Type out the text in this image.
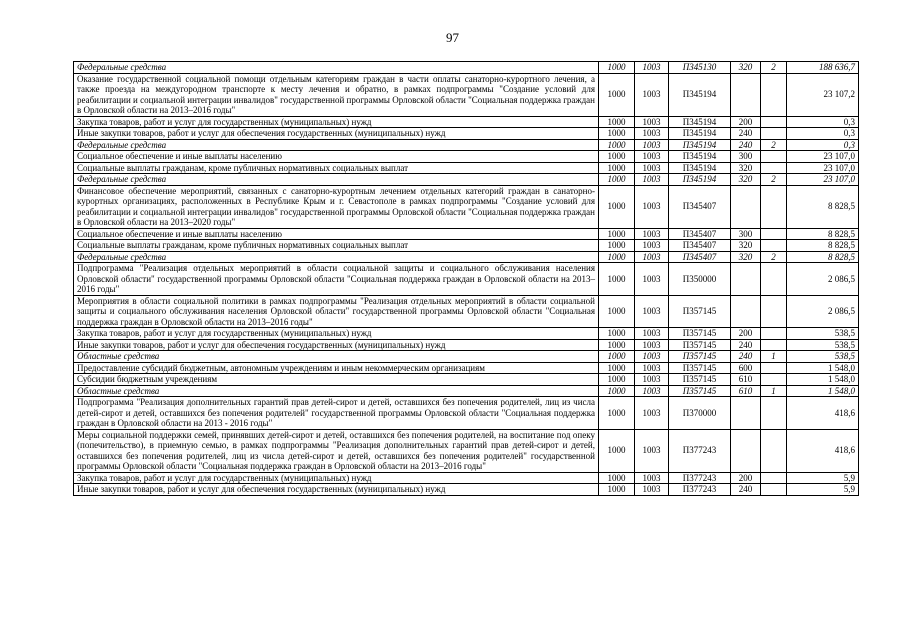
97
Федеральные средства	1000	1003	П345130	320	2	188 636,7
Оказание государственной социальной помощи отдельным категориям граждан в части оплаты санаторно-курортного лечения, а также проезда на междугородном транспорте к месту лечения и обратно, в рамках подпрограммы "Создание условий для реабилитации и социальной интеграции инвалидов" государственной программы Орловской области "Социальная поддержка граждан в Орловской области на 2013–2016 годы"	1000	1003	П345194			23 107,2
Закупка товаров, работ и услуг для государственных (муниципальных) нужд	1000	1003	П345194	200		0,3
Иные закупки товаров, работ и услуг для обеспечения государственных (муниципальных) нужд	1000	1003	П345194	240		0,3
Федеральные средства	1000	1003	П345194	240	2	0,3
Социальное обеспечение и иные выплаты населению	1000	1003	П345194	300		23 107,0
Социальные выплаты гражданам, кроме публичных нормативных социальных выплат	1000	1003	П345194	320		23 107,0
Федеральные средства	1000	1003	П345194	320	2	23 107,0
Финансовое обеспечение мероприятий, связанных с санаторно-курортным лечением отдельных категорий граждан в санаторно-курортных организациях, расположенных в Республике Крым и г. Севастополе в рамках подпрограммы "Создание условий для реабилитации и социальной интеграции инвалидов" государственной программы Орловской области "Социальная поддержка граждан в Орловской области на 2013–2020 годы"	1000	1003	П345407			8 828,5
Социальное обеспечение и иные выплаты населению	1000	1003	П345407	300		8 828,5
Социальные выплаты гражданам, кроме публичных нормативных социальных выплат	1000	1003	П345407	320		8 828,5
Федеральные средства	1000	1003	П345407	320	2	8 828,5
Подпрограмма "Реализация отдельных мероприятий в области социальной защиты и социального обслуживания населения Орловской области" государственной программы Орловской области "Социальная поддержка граждан в Орловской области на 2013–2016 годы"	1000	1003	П350000			2 086,5
Мероприятия в области социальной политики в рамках подпрограммы "Реализация отдельных мероприятий в области социальной защиты и социального обслуживания населения Орловской области" государственной программы Орловской области "Социальная поддержка граждан в Орловской области на 2013–2016 годы"	1000	1003	П357145			2 086,5
Закупка товаров, работ и услуг для государственных (муниципальных) нужд	1000	1003	П357145	200		538,5
Иные закупки товаров, работ и услуг для обеспечения государственных (муниципальных) нужд	1000	1003	П357145	240		538,5
Областные средства	1000	1003	П357145	240	1	538,5
Предоставление субсидий бюджетным, автономным учреждениям и иным некоммерческим организациям	1000	1003	П357145	600		1 548,0
Субсидии бюджетным учреждениям	1000	1003	П357145	610		1 548,0
Областные средства	1000	1003	П357145	610	1	1 548,0
Подпрограмма "Реализация дополнительных гарантий прав детей-сирот и детей, оставшихся без попечения родителей, лиц из числа детей-сирот и детей, оставшихся без попечения родителей" государственной программы Орловской области "Социальная поддержка граждан в Орловской области на 2013 - 2016 годы"	1000	1003	П370000			418,6
Меры социальной поддержки семей, принявших детей-сирот и детей, оставшихся без попечения родителей, на воспитание под опеку (попечительство), в приемную семью, в рамках подпрограммы "Реализация дополнительных гарантий прав детей-сирот и детей, оставшихся без попечения родителей, лиц из числа детей-сирот и детей, оставшихся без попечения родителей" государственной программы Орловской области "Социальная поддержка граждан в Орловской области на 2013–2016 годы"	1000	1003	П377243			418,6
Закупка товаров, работ и услуг для государственных (муниципальных) нужд	1000	1003	П377243	200		5,9
Иные закупки товаров, работ и услуг для обеспечения государственных (муниципальных) нужд	1000	1003	П377243	240		5,9
